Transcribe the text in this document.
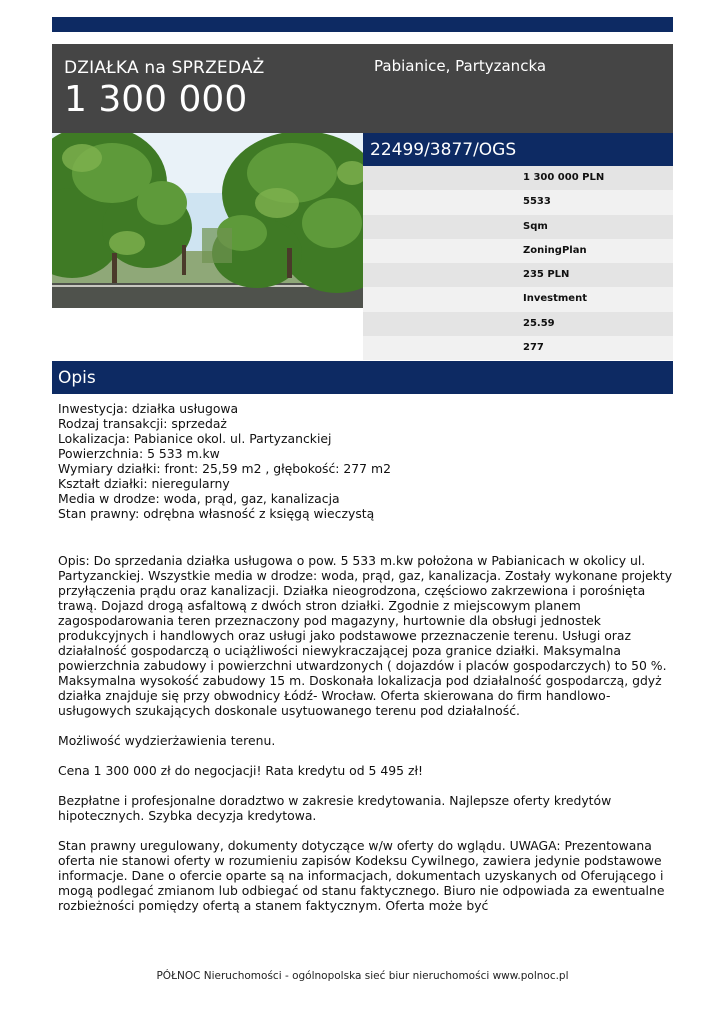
DZIAŁKA na SPRZEDAŻ
1 300 000
Pabianice, Partyzancka
22499/3877/OGS
1 300 000 PLN
5533
Sqm
ZoningPlan
235 PLN
Investment
25.59
277
Opis
Inwestycja: działka usługowa
Rodzaj transakcji: sprzedaż
Lokalizacja: Pabianice okol. ul. Partyzanckiej
Powierzchnia: 5 533 m.kw
Wymiary działki: front: 25,59 m2 , głębokość: 277 m2
Kształt działki: nieregularny
Media w drodze: woda, prąd, gaz, kanalizacja
Stan prawny: odrębna własność z księgą wieczystą

Opis: Do sprzedania działka usługowa o pow. 5 533 m.kw położona w Pabianicach w okolicy ul. Partyzanckiej. Wszystkie media w drodze: woda, prąd, gaz, kanalizacja. Zostały wykonane projekty przyłączenia prądu oraz kanalizacji. Działka nieogrodzona, częściowo zakrzewiona i porośnięta trawą. Dojazd drogą asfaltową z dwóch stron działki. Zgodnie z miejscowym planem zagospodarowania teren przeznaczony pod magazyny, hurtownie dla obsługi jednostek produkcyjnych i handlowych oraz usługi jako podstawowe przeznaczenie terenu. Usługi oraz działalność gospodarczą o uciążliwości niewykraczającej poza granice działki. Maksymalna powierzchnia zabudowy i powierzchni utwardzonych ( dojazdów i placów gospodarczych) to 50 %. Maksymalna wysokość zabudowy 15 m. Doskonała lokalizacja pod działalność gospodarczą, gdyż działka znajduje się przy obwodnicy Łódź- Wrocław. Oferta skierowana do firm handlowo- usługowych szukających doskonale usytuowanego terenu pod działalność.

Możliwość wydzierżawienia terenu.

Cena 1 300 000 zł do negocjacji! Rata kredytu od 5 495 zł!

Bezpłatne i profesjonalne doradztwo w zakresie kredytowania. Najlepsze oferty kredytów hipotecznych. Szybka decyzja kredytowa.

Stan prawny uregulowany, dokumenty dotyczące w/w oferty do wglądu. UWAGA: Prezentowana oferta nie stanowi oferty w rozumieniu zapisów Kodeksu Cywilnego, zawiera jedynie podstawowe informacje. Dane o ofercie oparte są na informacjach, dokumentach uzyskanych od Oferującego i mogą podlegać zmianom lub odbiegać od stanu faktycznego. Biuro nie odpowiada za ewentualne rozbieżności pomiędzy ofertą a stanem faktycznym. Oferta może być

PÓŁNOC Nieruchomości - ogólnopolska sieć biur nieruchomości www.polnoc.pl
